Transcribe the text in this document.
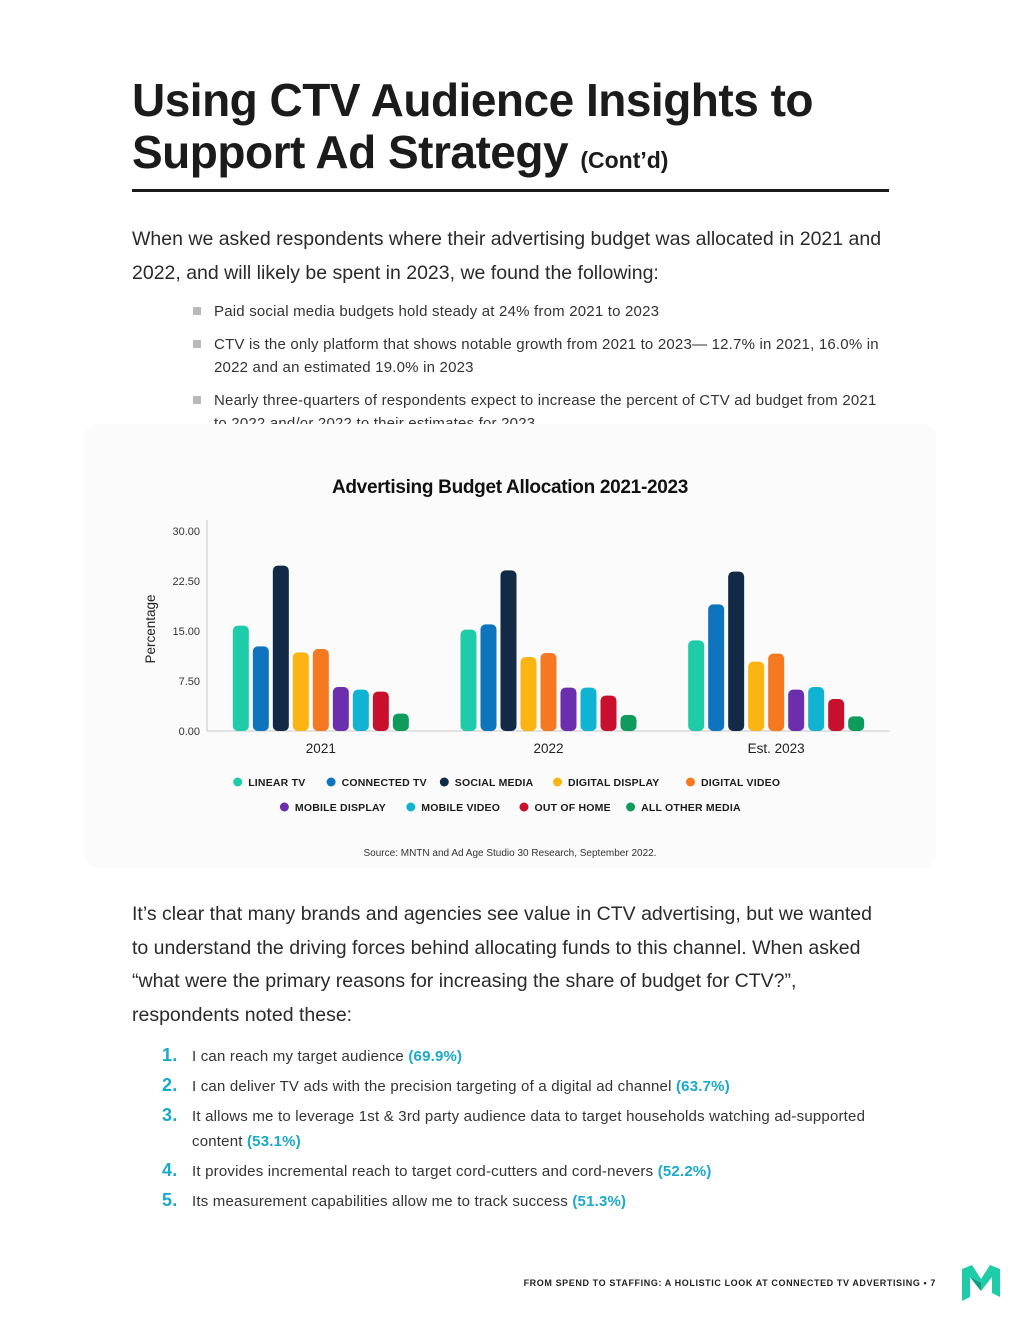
Using CTV Audience Insights to Support Ad Strategy (Cont’d)

When we asked respondents where their advertising budget was allocated in 2021 and 2022, and will likely be spent in 2023, we found the following:

Paid social media budgets hold steady at 24% from 2021 to 2023
CTV is the only platform that shows notable growth from 2021 to 2023— 12.7% in 2021, 16.0% in 2022 and an estimated 19.0% in 2023
Nearly three-quarters of respondents expect to increase the percent of CTV ad budget from 2021
Advertising Budget Allocation 2021-2023
0.00
7.50
15.00
22.50
30.00
Percentage
2021	2022	Est. 2023
LINEAR TV	CONNECTED TV	SOCIAL MEDIA	DIGITAL DISPLAY	DIGITAL VIDEO
MOBILE DISPLAY	MOBILE VIDEO	OUT OF HOME	ALL OTHER MEDIA
Source: MNTN and Ad Age Studio 30 Research, September 2022.

It’s clear that many brands and agencies see value in CTV advertising, but we wanted to understand the driving forces behind allocating funds to this channel. When asked “what were the primary reasons for increasing the share of budget for CTV?”, respondents noted these:

1. I can reach my target audience (69.9%)
2. I can deliver TV ads with the precision targeting of a digital ad channel (63.7%)
3. It allows me to leverage 1st & 3rd party audience data to target households watching ad-supported content (53.1%)
4. It provides incremental reach to target cord-cutters and cord-nevers (52.2%)
5. Its measurement capabilities allow me to track success (51.3%)
FROM SPEND TO STAFFING: A HOLISTIC LOOK AT CONNECTED TV ADVERTISING • 7
